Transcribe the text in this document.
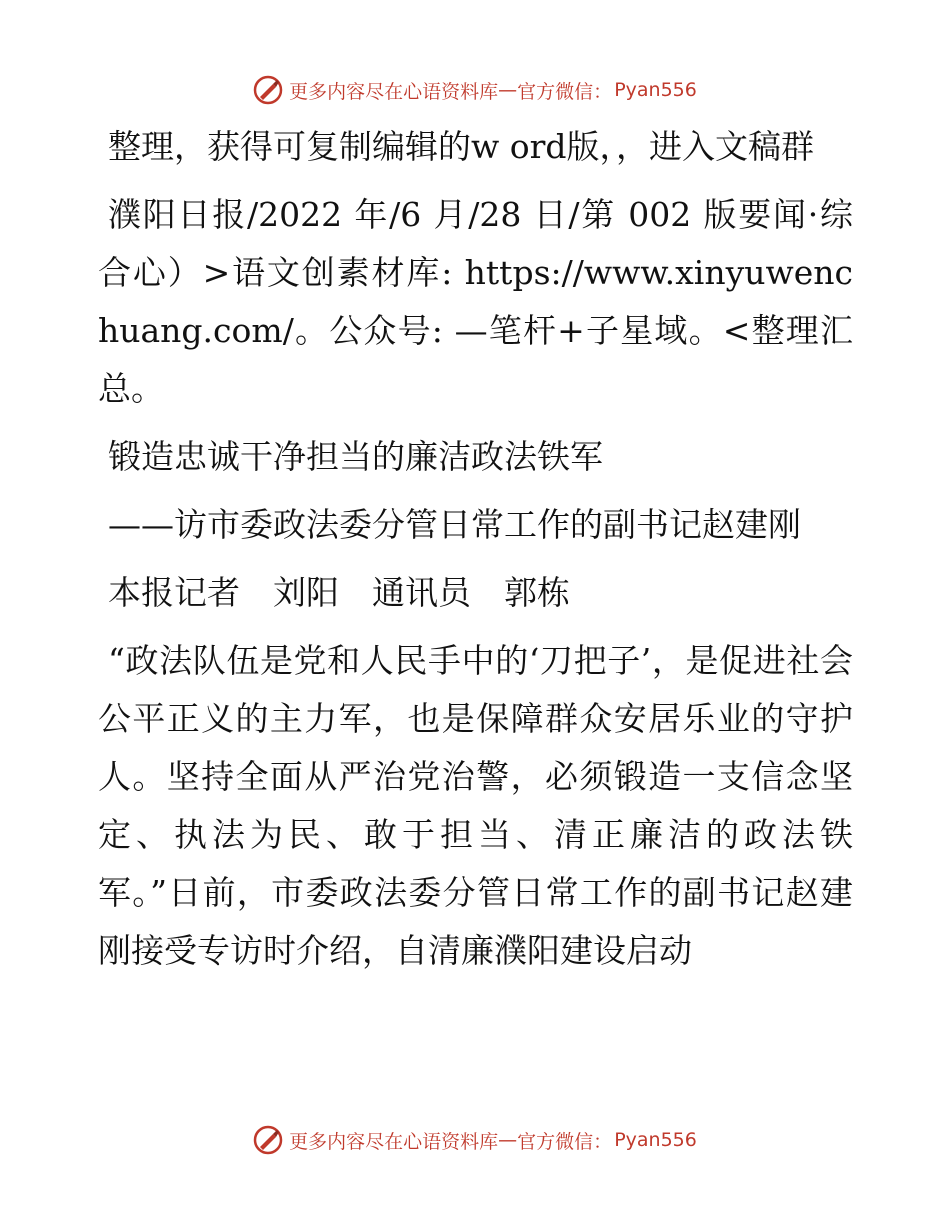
更多内容尽在心语资料库 — 官方微信： Pyan556

整理，获得可复制编辑的w ord版，，进入文稿群

濮阳日报/2022 年/6 月/28 日/第 002 版要闻·综合心）>语文创素材库: https://www.xinyuwenchuang.com/。公众号: —笔杆+子星域。<整理汇总。

锻造忠诚干净担当的廉洁政法铁军

——访市委政法委分管日常工作的副书记赵建刚

本报记者　刘阳　通讯员　郭栋

“政法队伍是党和人民手中的‘刀把子’，是促进社会公平正义的主力军，也是保障群众安居乐业的守护人。坚持全面从严治党治警，必须锻造一支信念坚定、执法为民、敢于担当、清正廉洁的政法铁军。”日前，市委政法委分管日常工作的副书记赵建刚接受专访时介绍，自清廉濮阳建设启动

更多内容尽在心语资料库 — 官方微信： Pyan556
